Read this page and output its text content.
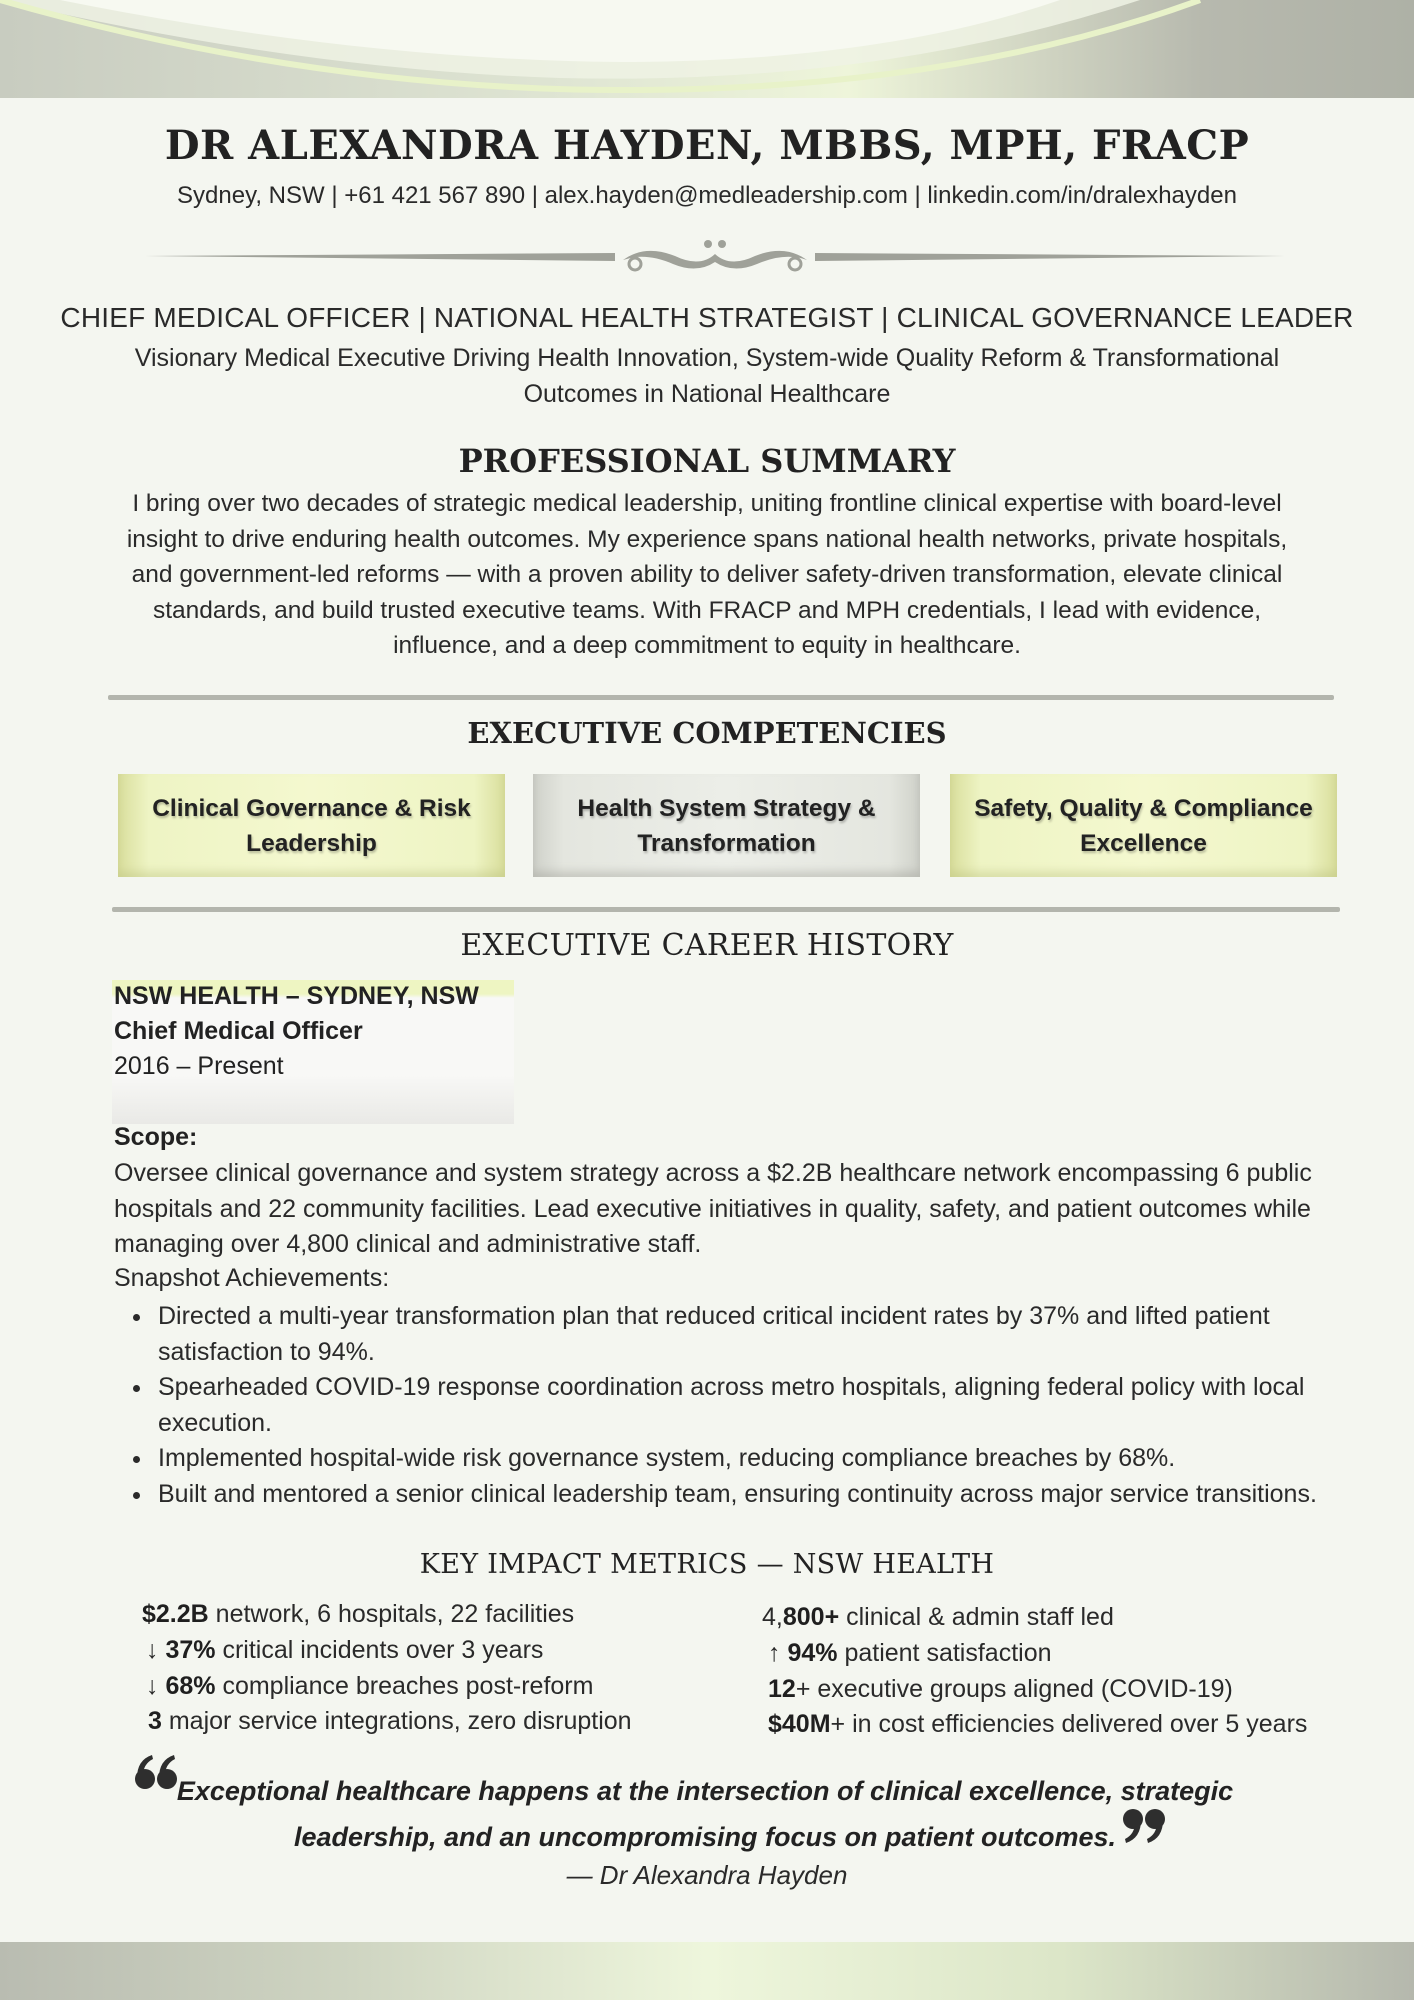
DR ALEXANDRA HAYDEN, MBBS, MPH, FRACP
Sydney, NSW | +61 421 567 890 | alex.hayden@medleadership.com | linkedin.com/in/dralexhayden
CHIEF MEDICAL OFFICER | NATIONAL HEALTH STRATEGIST | CLINICAL GOVERNANCE LEADER
Visionary Medical Executive Driving Health Innovation, System-wide Quality Reform & Transformational Outcomes in National Healthcare
PROFESSIONAL SUMMARY
I bring over two decades of strategic medical leadership, uniting frontline clinical expertise with board-level insight to drive enduring health outcomes. My experience spans national health networks, private hospitals, and government-led reforms — with a proven ability to deliver safety-driven transformation, elevate clinical standards, and build trusted executive teams. With FRACP and MPH credentials, I lead with evidence, influence, and a deep commitment to equity in healthcare.
EXECUTIVE COMPETENCIES
Clinical Governance & Risk Leadership
Health System Strategy & Transformation
Safety, Quality & Compliance Excellence
EXECUTIVE CAREER HISTORY
NSW HEALTH – SYDNEY, NSW
Chief Medical Officer
2016 – Present
Scope:
Oversee clinical governance and system strategy across a $2.2B healthcare network encompassing 6 public hospitals and 22 community facilities. Lead executive initiatives in quality, safety, and patient outcomes while managing over 4,800 clinical and administrative staff.
Snapshot Achievements:
Directed a multi-year transformation plan that reduced critical incident rates by 37% and lifted patient satisfaction to 94%.
Spearheaded COVID-19 response coordination across metro hospitals, aligning federal policy with local execution.
Implemented hospital-wide risk governance system, reducing compliance breaches by 68%.
Built and mentored a senior clinical leadership team, ensuring continuity across major service transitions.
KEY IMPACT METRICS — NSW HEALTH
$2.2B network, 6 hospitals, 22 facilities
↓ 37% critical incidents over 3 years
↓ 68% compliance breaches post-reform
3 major service integrations, zero disruption
4,800+ clinical & admin staff led
↑ 94% patient satisfaction
12+ executive groups aligned (COVID-19)
$40M+ in cost efficiencies delivered over 5 years
Exceptional healthcare happens at the intersection of clinical excellence, strategic leadership, and an uncompromising focus on patient outcomes.
— Dr Alexandra Hayden
